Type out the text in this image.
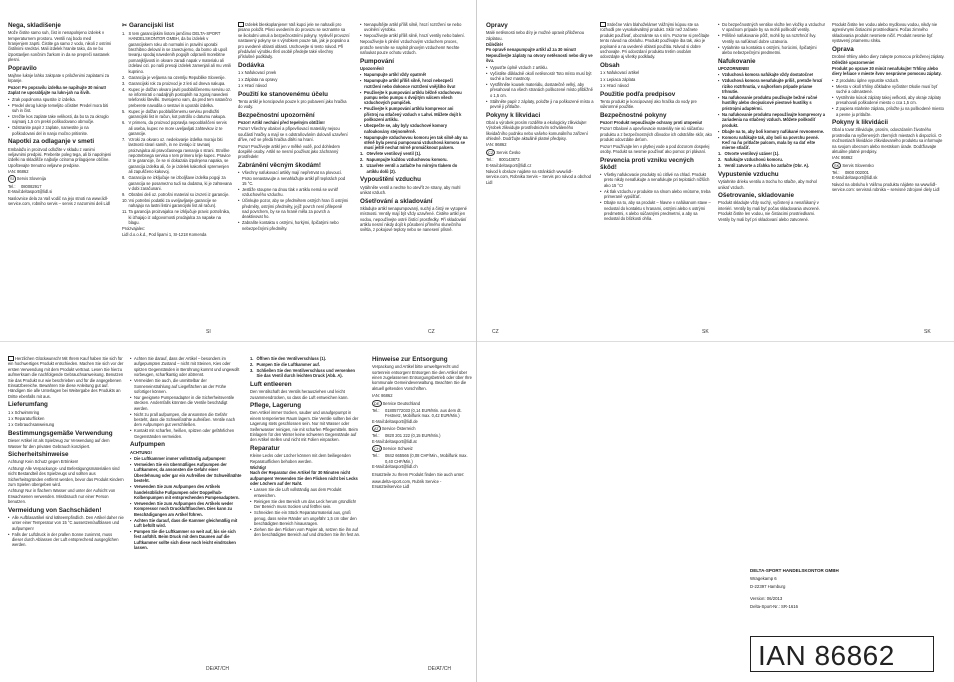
Nega, skladišenje

Može čistite samo suh, čist in nenapolnjeno izdelek v temperaturnem prostoru. Ventili naj bodo med hranjenjem zaprti. Čistite ga samo z vodo, nikoli z ostrimi čistilnimi sredstvi. Mali izdelek hranite tako, da ne bo izpostavljen sončnim žarkom in da se prepreči nastanek plesni.

Popravilo

Majhne luknje lahko zakrpate s priloženimi zaplatami za krpanje.

Pozor! Po popravilu izdelka ne napihujte 30 minut! Zaplat ne uporabljajte na lukn-jah na šivih.

• Zrak popolnoma spustite iz izdelka.
• Predel okrog luknje temeljito očistite! Predel mora biti suh in čist.
• Izrežite kos zaplate take velikosti, da bo ta za okroglo najmanj 1,5 cm prekri poškodovano območje.
• Odstranite papir z zaplate, namestite jo na poškodovani del in nanjo močno pritisnite.
Napotki za odlaganje v smeti

Embalažo in proizvod odložite v skladu z vanimi veljavnimi predpisi. Preberite poleg tega, ali bi napolnjeni izdelki na skladišče najbolje oziroma prilagojene občine. Upoštevajte trenutno veljavne predpise.

IAN: 86862

SI Servis Slovenija

Tel.:	080082917
E-Mail: deltasport@lidl.si

Naslovnice dela za Vaš vodič na jejo stnoti na www.lidl-service.com, robniho servis – servis z nazornimi deli Lidl

✂ Garancijski list
1. S tem garancijskim listom jamčimo DELTA-SPORT HANDELSKONTOR GMBH, da bo izdelek v garancijskem roku ob normalni in pravilni uporabi brezhibno deloval in se zavezujemo, da bomo ob upoš tevanju spodaj navedenih pogojih odpravili morebitne pomanjkljivosti in okvare zaradi napak v materialu ali izdelavi ozi. po naši presoji izdelek zamenjali ali mu vrnili kupnino.
2. Garancija je veljavna na ozemlju Republike Slovenije.
3. Garancijski rok za proizvod je 2 leti od dneva nakupa.
4. Kupec je dolžan okvaro javiti pooblaščenemu servisu oz. se informirati o nadaljnjih postopkih na zgoraj navedeni telefonski številki. Svetujemo vam, da pred tem natančno preberete navodila o sestavi in uporabi izdelka.
5. Kupec je dolžan pooblaščenemu servisu predložiti garancijski list in račun, kot potrdilo o datumu nakupa.
6. V primeru, da proizvod popravlja nepooblaščeni servis ali oseba, kupec ne more uveljavljati zahtevkov iz te garancije.
7. Vzroki za okvaro oz. nedelovanje izdelka morajo biti lastnosti stvari samih, in ne izvirajo iz ravnanj proizvajalca ali pravočasnega ravnanja s strani. Stroške nepotrebnega servisa v tem primeru krije kupec. Pravice iz te garancije, če se ni dokazala izpolnjena napaka, se garancija izdelka ali, če je izdelek kakorkoli spremenjen ali zapuščeno kakovoj.
8. Garancija ne izključuje ne izboljšave izdelka pogoji za garancija se posamezno tudi na dodatna, ki je zahtevana v dobi zaračunani.
9. Obrabni deli oz. potrošni material so izvzeti iz garancije.
10. Vsi potrebni podatki za uveljavljanje garancije se nahajajo na lastni listini garancijski list ali račun).
11. Ta garancija proizvajalca ne izključuje pravic potrošnika, ki izhajajo iz odgovornosti prodajalca za napake na blagu.

Proizvajalec:

Lidl d.o.o.k.d., Pod lipami 1, SI-1218 Komenda

Izdelek bleskoplanjene! Vaš kupci jele ne nahaxili pro pisano položit. Plivci uvedením do provozu se seznamte sa se ikolodmi umuli a bezpečnostními pokyny. Vyskvěl provozní nastavený pokyny se s výrobkem pouze tak, jak je popsáno a pro uvedené oblasti oblasti. Uschovejte si tento návod. Při předávání výrobku třetí osobě předejte také všechny příslušné podklady.

Dodávka

1 x Nafukovací prvek

1 x Záplata na opravy

1 x Hrací návod

Použití ke stanovenému účelu

Tento artikl je koncipován pouze k pro pobavení jako hračka do vody.

Bezpečnostní upozornění

Pozor! Artikl nechání před tepelným obtížím!

Pozor! Všechny obaloví a připevňovací materiály nejsou součástí hračky a mají se s odstraňováním dolovalí uzavření dříve, než se předá hračka dítěti na hraní.

Pozor! Používejte artikl jen v mělké vodě, pod dohledem dospělé osoby. Artikl se nesmí používat jako záchranný prostředek!

Zabránění věcným škodám!
• Všechny nafukovací artikly mají nepřetrvat na plovoucí. Proto nenastavujte a nenahlažujte artikl při teplotách pod 15 °C.
• Jestliže stoupne na dnou tlak v artiklu nemá se uvnitř vzduchového vzduchu.
• Účinkujte pozor, aby se předmětem ostrých hran či ostrými předměty, ostrými předměty, jejíž povrch není přilepeně nad povrchem, by se na hraně měla za povrch a deaktivovat ho.
• Zabraňte kontaktu s ostrými, horkými, špičatými nebo nebezpečnými předměty.
• Nenapuštějte artikl příliš silně, hrozí roztržení se nebo uvolnění výrobku.
• Nepoužívejte artikl příliš silně, hrozí ventily nebo balení.

Nepoužívejte k plnění vzduchovým vzduchem proces, protože nesmíte se naplnit plnovým vzduchem! Nechte nafoukat pouze ochotu vzduch.

Pumpování

Upozornění!

▪ Napumpujte artikl vždy opatrně!
▪ Napumpujte artikl příliš silně, hrozí nebezpečí roztržení nebo dokonce roztržení vnějšího švu!
▪ Používejte k pumpování artiklu běžně vzduchovou pumpu nebo pumpu s dvojitým válcem všech vzduchových pumpiček.
▪ Používejte k pumpování artiklu kompresor ani přístroj na stlačený vzduch v Lahví. Můžete dojít k poškození artiklu.
▪ Ubezpečte se, aby byly vzduchové komory nafoukovány stejnoměrně.
▪ Napumpujte vzduchovou komoru jen tak silně aby na stěně byla pevná pumpovaná vzduchová komora se musí ještě nechat mírně promáčknout palcem.
1. Otevřete ventilový ventil (1).
2. Napumpujte každou vzduchovou komoru.
3. Uzavřete ventil a zatlačte ho mírným tlakem do artiklu dolů (2).
Vypouštění vzduchu

Vytáhněte ventil a nechte ho otevřít ze strany, aby mohl unikat vzduch.

Ošetřování a skladování

Skladujte artikl nenapumpovaný, suchý a čistý ve vytopené místnosti. Ventily mají být vždy uzavřené. Čistěte artikl jen vodou, nepoužívejte ostré čistící prostředky. Při skladování artiklu nesmí nikdy dojít k působení přímého slunečního světla, z pokojové teploty nebo se nanesení plísně.

Opravy

Malé netěsnosti nebo díry je možné opravit přiloženou záplatou.

Důležité!
Po opravě nenapumpujte artikl až za 30 minut! Nepoužívejte záplaty na otvory netěsnosti nebo díry ve švu.

• Vypusťte úplně vzduch z artiklu.
• Vyčistěte důkladně okolí netěsnosti! Toto místo musí být suché a bez mastnoty.
• Vystřihněte kousek materiálu, dostatečně velký, aby přesahoval na všech stranách poškozené místo přibližně o 1,5 cm.
• Stáhněte papír z záplaty, položte ji na poškozené místo a pevně ji přitlačte.
Pokyny k likvidaci

Obal a výrobek prosím rozdělte a ekologicky zlikvidujte! Výrobek zlikvidujte prostřednictvím schváleného likvidačního podniku nebo vašeho komunálního zařízení ohledně. Dodržujte aktuálně platné předpisy.

IAN: 86862

CZ Servis Česko

Tel.:	800143873
E-Mail: deltasport@lidl.cz

Návod k obsluze najdete na stránkách www.lidl-service.com, Robnika Servis – Servis pro návod a obchod Lidl

Srdečne Vám blahoželáme! Vážnými kúpou ste sa rozhodli pre vysokokvalitný produkt. Skôr než začnete produkt používať, oboznámte sa s ním. Pozorne si prečítajte tento návod na obsluhu. Produkt používajte iba tak, ako je popísané a na uvedené oblasti použitia. Návod si dobre uschovajte. Pri odovzdaní produktu tretím osobám odovzdajte aj všetky podklady.

Obsah

1 x Nafukovací artikel

1 x Lepiaca záplata

1 x Hrací návod

Použitie podľa predpisov

Tento produkt je koncipovaný ako hračka do vody pre súkromné použitie.

Bezpečnostné pokyny

Pozor! Produkt nepoužívajte ochrany proti utopeniu!

Pozor! Obalové a upevňovacie materiály nie sú súčasťou produktu a z bezpečnostných dôvodov ich odstráňte skôr, ako produkt odovzdáte deťom.

Pozor! Používajte len v plytkej vode a pod dozorom dospelej osoby. Produkt sa nesmie používať ako pomoc pri plávaní.

Prevencia proti vzniku vecných škôd!
• Všetky nafukovacie produkty sú citlivé na chlad. Produkt preto nikdy nenafukujte a nenafukujte pri teplotách nižších ako 15 °C!
• Ak tlak vzduchu v produkte na slnom alebo vnútorne, treba primeraně vypúšťať.
• Dbajte na to, aby sa produkt – hlavne v nafúkanom stave – nedostal do kontaktu s hranami, ostrými alebo s ostrými predmetmi, s alebo súčasnými predmetmi, a aby sa nedostal do blízkosti ohňa.
• Do bezpečnostných ventilov vložte len vložky a vzduchu! V opačnom prípade by sa mohli poškodiť ventily.
• Prílišné nafukovanie pôlž, mohli by sa roztrhnúť švy. Ventily sa nafúknutí dobre uzatvoria.
• Vytiahnite sa kontakta s ostrými, horúcimi, špičatými alebo nebezpečnými predmetmi.
Nafukovanie

UPOZORNENIE!

▪ Vzduchová komora nafúkajte vždy dostatočne!
▪ Vzduchová komora nenafukujte príliš, pretože hrozí riziko roztrhnutia, v najhoršom prípade priame trhnutie.
▪ Na nafukovanie produktu používajte bežné ručné hustilky alebo dvojvalcové piestové hustilky s prístrojmi adaptérmi.
▪ Na nafukovanie produktu nepoužívajte kompresory a zariadenia na stlačený vzduch. Môžete poškodiť produkt.
▪ Dbajte na to, aby boli komory nafúkané rovnomerne.
▪ Komoru nafúkajte tak, aby boli na povrchu pevné. Keď na ňu pritlačte palcom, mala by sa dať ešte mierne stlačiť.
1. Otvorte ventilový uzáver (1).
2. Nafukujte vzduchovú komoru.
3. Ventil zatvorte a zľahka ho zatlačte (Obr. A).
Vypustenie vzduchu

Vytiahnite drieku ventilu a trochu ho stlačte, aby mohol unikať vzduch.

Ošetrovanie, skladovanie

Produkt skladujte vždy suchý, vyčistený a nenafúkaný v interiéri. Ventily by mali byť počas skladovania otvorené. Produkt čistite len vodou, nie čistiacimi prostriedkami. Ventily by mali byť pri skladovaní alebo zatvorené.

Produkt čistite len vodou alebo mydlovou vodou, nikdy nie agresívnymi čistiacimi prostriedkami. Počas zimného skladovania produkt nesmiete ničiť. Produkt nesmie byť vystavený priamemu slnku.

Oprava

Drobné trhliny alebo diery zalepte pomocou priloženej záplaty.

Dôležité upozornenie!
Produkt po oprave 30 minút nenafukujte! Trhliny alebo diery lešiace v mieste švov nesprávne pomocou záplaty.

• Z produktu úplne vypustite vzduch.
• Miesto v okolí trhliny dôkladne vyčistite! Okolie musí byť suché a odmastené.
• Vystrihnite kúsok záplaty takej veľkosti, aby okraje záplaty presahovali poškodené miesto o cca 1,5 cm.
• Z papiera stiahnite záplatu, priložte ju na poškodené miesto a pevne ju pritlačte.
Pokyny k likvidácii

Obal a tovar zlikvidujte, prosím, odovzdaním životného prostredia na vyčlenených zberných miestach k dispozícii. O možnostiach likvidácie zlikvidovaného produktu sa informujte na svojom obecnom alebo mestskom úrade. Dodržiavajte aktuálne platné predpisy.

IAN: 86862

SK Servis Slovensko

Tel.:	0800 002001
E-Mail: deltasport@lidl.sk

Návod na obsluhu k Vášmu produktu nájdete na www.lidl-service.com: servisná robnika – servisné zdrojové diely Lidl

SI	CZ	CZ	SK	SK

Herzlichen Glückwunsch! Mit Ihrem Kauf haben Sie sich für ein hochwertiges Produkt entschieden. Machen Sie sich vor der ersten Verwendung mit dem Produkt vertraut. Lesen Sie hierzu aufmerksam die nachfolgende Gebrauchsanweisung. Benutzen Sie das Produkt nur wie beschrieben und für die angegebenen Einsatzbereiche. Bewahren Sie diese Anleitung gut auf. Händigen Sie alle Unterlagen bei Weitergabe des Produkts an Dritte ebenfalls mit aus.

Lieferumfang

1 x Schwimmring

1 x Reparaturflicken

1 x Gebrauchsanweisung

Bestimmungsgemäße Verwendung

Dieser Artikel ist als Spielzeug zur Verwendung auf dem Wasser für den privaten Gebrauch konzipiert.

Sicherheitshinweise

Achtung! Kein Schutz gegen Ertrinken!

Achtung! Alle Verpackungs- und Befestigungsmaterialien sind nicht Bestandteil des Spielzeugs und sollten aus Sicherheitsgründen entfernt werden, bevor das Produkt Kindern zum Spielen übergeben wird.

Achtung! Nur in flachem Wasser und unter der Aufsicht von Erwachsenen verwenden. Missbrauch nur einer Person benutzen.

Vermeidung von Sachschäden!
• Alle Aufblasartikel sind kälteempfindlich. Den Artikel daher nie unter einer Temperatur von 15 °C aussetzen/aufblasen und aufpumpen!
• Falls der Luftdruck in der prallen Sonne zunimmt, muss dieser durch Ablassen der Luft entsprechend ausgeglichen werden.
• Achten Sie darauf, dass der Artikel – besonders im aufgepumpten Zustand – nicht mit Steinen, Kies oder spitzen Gegenständen in Berührung kommt und ungewollt vorbeugen, scharfkantig oder abtrennt.
• Vermeiden Sie auch, die unmittelbar der Sonneneinstrahlung auf Liegeflächen an der Frühe sofortiger können.
• Nur geeignete Pumpenadapter in die Sicherheitsventile stecken. Andernfalls könnten die Ventile beschädigt werden.
• Nicht zu prall aufpumpen, die ansonsten die Gefahr besteht, dass die Schweißnähte aufreißen. Ventile nach dem Aufpumpen gut verschließen.
• Kontakt mit scharfen, heißen, spitzen oder gefährlichen Gegenständen vermeiden.
Aufpumpen

ACHTUNG!

▪ Die Luftkammer immer vollständig aufpumpen!
▪ Vermeiden Sie ein übermäßiges Aufpumpen der Luftkammer, da ansonsten die Gefahr einer Überdehnung oder gar ein Aufreißen der Schweißnähte besteht.
▪ Verwenden Sie zum Aufpumpen des Artikels handelsübliche Fußpumpen oder Doppelhub-Kolbenpumpen mit entsprechenden Pumpenadaptern.
▪ Verwenden Sie zum Aufpumpen des Artikels weder Kompressor noch Druckluftflaschen. Dies kann zu Beschädigungen am Artikel führen.
▪ Achten Sie darauf, dass die Kammer gleichmäßig mit Luft befüllt wird.
▪ Pumpen Sie die Luftkammer so weit auf, bis sie sich fest anfühlt. Beim Druck mit dem Daumen auf die Luftkammer sollte sich diese noch leicht eindrücken lassen.
1. Öffnen Sie den Ventilverschluss (1).
2. Pumpen Sie die Luftkammer auf.
3. Schließen Sie den Ventilverschluss und versenken Sie das Ventil durch leichten Druck (Abb. A).
Luft entleeren

Den Ventilschaft des Ventils herausziehen und leicht zusammendrücken, so dass die Luft entweichen kann.

Pflege, Lagerung

Den Artikel immer trocken, sauber und unaufgepumpt in einem temperierten Raum lagern. Die Ventile sollten bei der Lagerung stets geschlossen sein. Nur mit Wasser oder Seifenwasser reinigen, nie mit scharfen Pflegemitteln. Beim Einlagern für den Winter keine schweren Gegenstände auf den Artikel stellen und nicht mit Folien einpacken.

Reparatur

Kleine Lecks oder Löcher können mit dem beiliegenden Reparaturflicken behoben werden.

Wichtig!
Nach der Reparatur den Artikel für 30 Minuten nicht aufpumpen! Verwenden Sie den Flicken nicht bei Lecks oder Löchern auf der Naht.

• Lassen Sie die Luft vollständig aus dem Produkt entweichen.
• Reinigen Sie den Bereich um das Leck herum gründlich! Der Bereich muss trocken und fettfrei sein.
• Schneiden Sie ein Stück Reparaturmaterial aus, groß genug, dass seine Ränder um ungefähr 1,5 cm über den beschädigten Bereich hinausragen.
• Ziehen Sie den Flicken vom Papier ab, setzen Sie ihn auf den beschädigten Bereich auf und drücken Sie ihn fest an.
Hinweise zur Entsorgung

Verpackung und Artikel bitte umweltgerecht und sortenrein entsorgen! Entsorgen Sie den Artikel über einen zugelassenen Entsorgungsbetrieb oder über Ihre kommunale Gemeindeverwaltung. Beachten Sie die aktuell geltenden Vorschriften.

IAN: 86862

DE Service Deutschland

Tel.:	01805772033 (0,14 EUR/Min. aus dem dt. Festnetz, Mobilfunk max. 0,42 EUR/Min.)
E-Mail: deltasport@lidl.de

AT Service Österreich

Tel.:	0820 201 222 (0,15 EUR/Min.)
E-Mail: deltasport@lidl.at

CH Service Schweiz

Tel.:	0842 665566 (0,08 CHF/Min., Mobilfunk max. 0,40 CHF/Min.)
E-Mail: deltasport@lidl.ch

Ersatzteile zu Ihrem Produkt finden Sie auch unter:

www.delta-sport.com, Rubrik Service - Ersatzteilservice Lidl

DELTA-SPORT HANDELSKONTOR GMBH

Wragekamp 6

D-22397 Hamburg

Version: 06/2013

Delta-Sport-Nr.: SR-1616

IAN 86862
DE/AT/CH	DE/AT/CH
